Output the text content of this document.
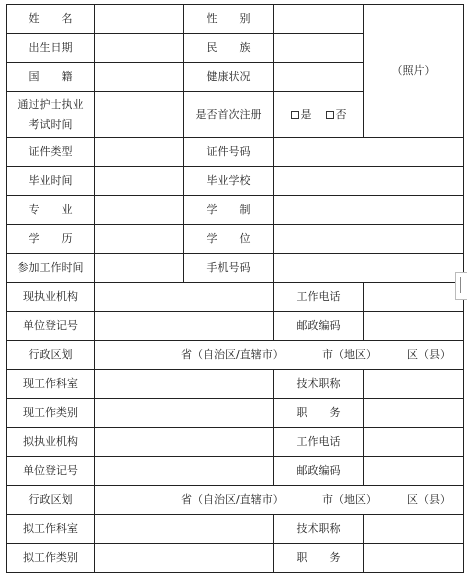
姓　　名	性　　别
（照片）
出生日期	民　　族
国　　籍	健康状况
通过护士执业
考试时间
是否首次注册	是	否
证件类型	证件号码
毕业时间	毕业学校
专　　业	学　　制
学　　历	学　　位
参加工作时间	手机号码
现执业机构	工作电话
单位登记号	邮政编码
行政区划	省（自治区/直辖市）	市（地区）	区（县）
现工作科室	技术职称
现工作类别	职　　务
拟执业机构	工作电话
单位登记号	邮政编码
行政区划	省（自治区/直辖市）	市（地区）	区（县）
拟工作科室	技术职称
拟工作类别	职　　务
